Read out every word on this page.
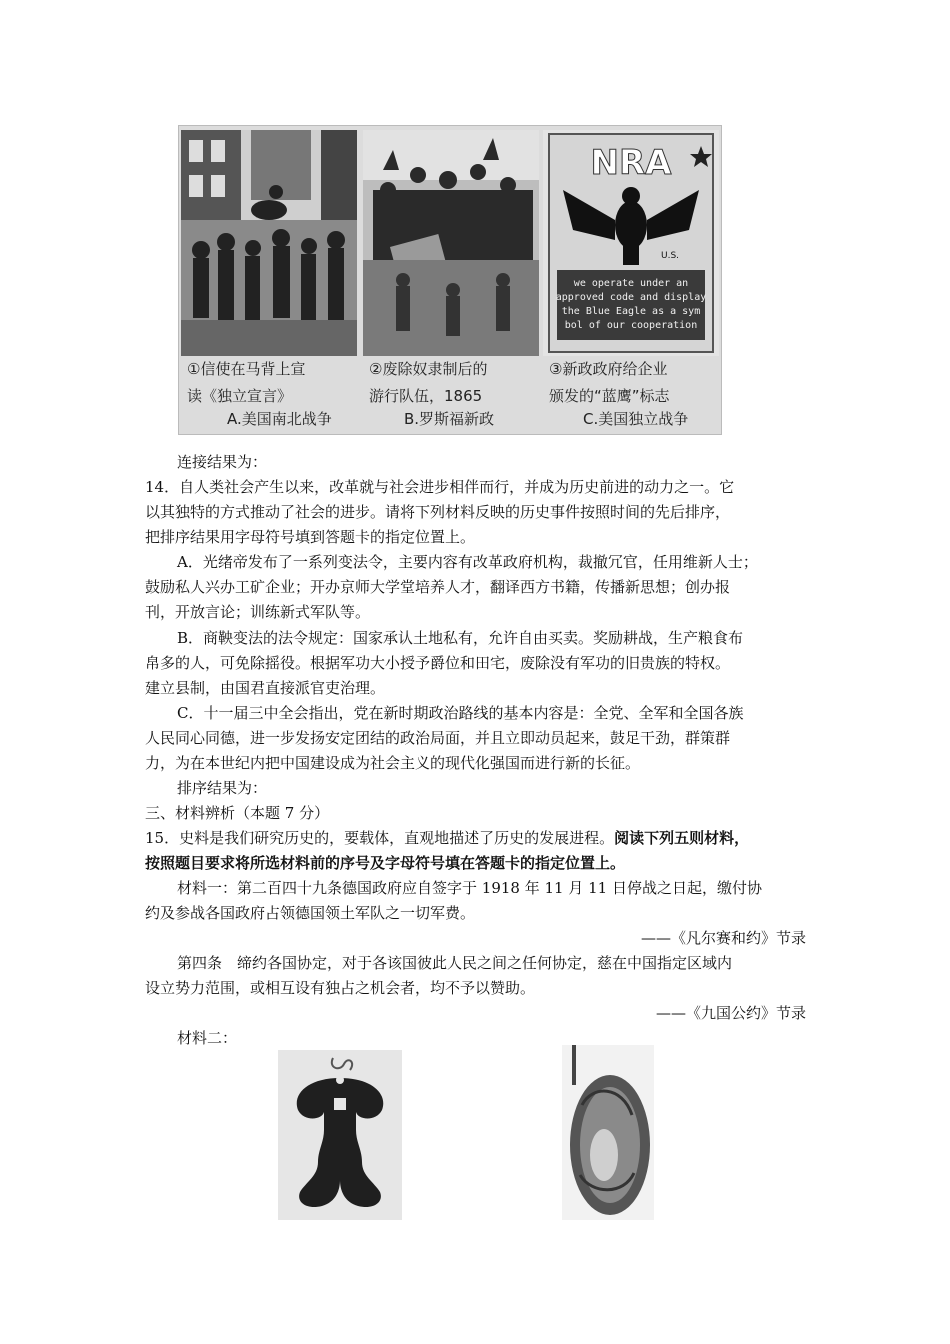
NRA
U.S.
we operate under an
approved code and display
the Blue Eagle as a sym
bol of our cooperation
①信使在马背上宣
读《独立宣言》
②废除奴隶制后的
游行队伍，1865
③新政政府给企业
颁发的“蓝鹰”标志
A.美国南北战争	B.罗斯福新政	C.美国独立战争
连接结果为：
14．自人类社会产生以来，改革就与社会进步相伴而行，并成为历史前进的动力之一。它
以其独特的方式推动了社会的进步。请将下列材料反映的历史事件按照时间的先后排序，
把排序结果用字母符号填到答题卡的指定位置上。
A．光绪帝发布了一系列变法令，主要内容有改革政府机构，裁撤冗官，任用维新人士；
鼓励私人兴办工矿企业；开办京师大学堂培养人才，翻译西方书籍，传播新思想；创办报
刊，开放言论；训练新式军队等。
B．商鞅变法的法令规定：国家承认土地私有，允许自由买卖。奖励耕战，生产粮食布
帛多的人，可免除摇役。根据军功大小授予爵位和田宅，废除没有军功的旧贵族的特权。
建立县制，由国君直接派官吏治理。
C．十一届三中全会指出，党在新时期政治路线的基本内容是：全党、全军和全国各族
人民同心同德，进一步发扬安定团结的政治局面，并且立即动员起来，鼓足干劲，群策群
力，为在本世纪内把中国建设成为社会主义的现代化强国而进行新的长征。
排序结果为：
三、材料辨析（本题 7 分）
15．史料是我们研究历史的，要载体，直观地描述了历史的发展进程。阅读下列五则材料，
按照题目要求将所选材料前的序号及字母符号填在答题卡的指定位置上。
材料一：第二百四十九条德国政府应自签字于 1918 年 11 月 11 日停战之日起，缴付协
约及参战各国政府占领德国领土军队之一切军费。
——《凡尔赛和约》节录
第四条　缔约各国协定，对于各该国彼此人民之间之任何协定，慈在中国指定区域内
设立势力范围，或相互设有独占之机会者，均不予以赞助。
——《九国公约》节录
材料二：
